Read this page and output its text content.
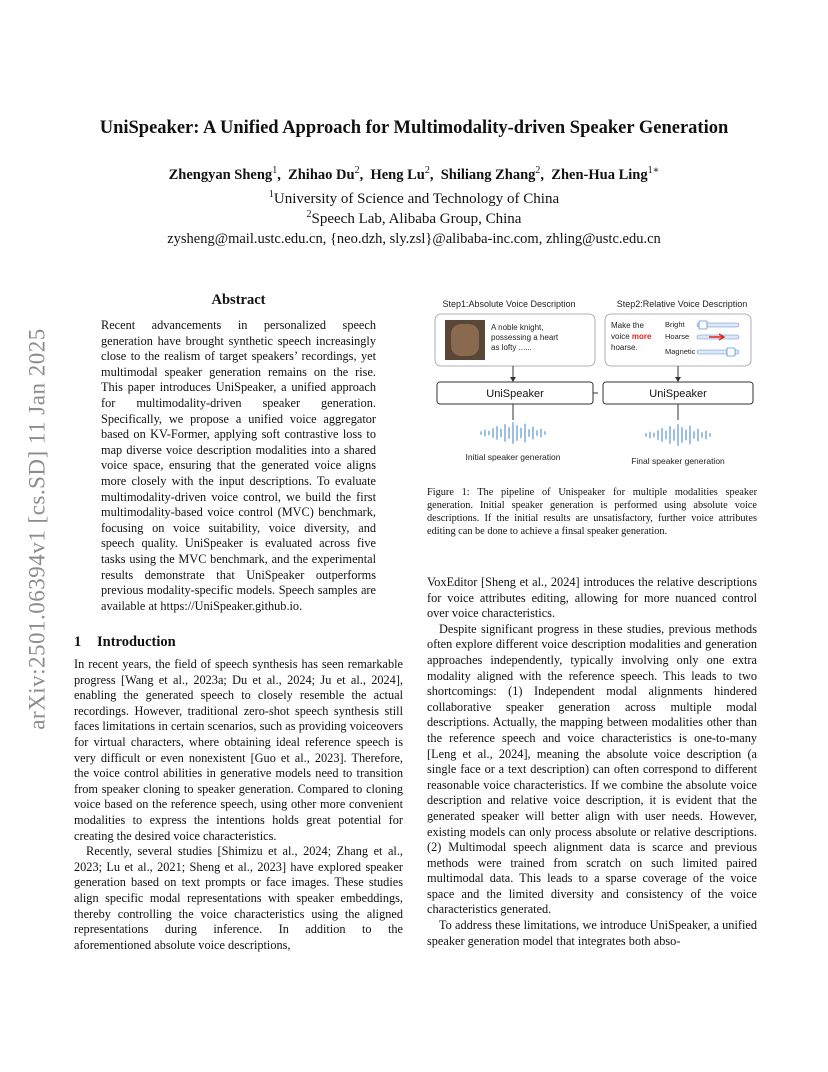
arXiv:2501.06394v1 [cs.SD] 11 Jan 2025
UniSpeaker: A Unified Approach for Multimodality-driven Speaker Generation
Zhengyan Sheng$^1$,  Zhihao Du$^2$,  Heng Lu$^2$,  Shiliang Zhang$^2$,  Zhen-Hua Ling$^{1∗}$
$^1$University of Science and Technology of China
$^2$Speech Lab, Alibaba Group, China
zysheng@mail.ustc.edu.cn, {neo.dzh, sly.zsl}@alibaba-inc.com, zhling@ustc.edu.cn
Abstract
Recent advancements in personalized speech generation have brought synthetic speech increasingly close to the realism of target speakers’ recordings, yet multimodal speaker generation remains on the rise. This paper introduces UniSpeaker, a unified approach for multimodality-driven speaker generation. Specifically, we propose a unified voice aggregator based on KV-Former, applying soft contrastive loss to map diverse voice description modalities into a shared voice space, ensuring that the generated voice aligns more closely with the input descriptions. To evaluate multimodality-driven voice control, we build the first multimodality-based voice control (MVC) benchmark, focusing on voice suitability, voice diversity, and speech quality. UniSpeaker is evaluated across five tasks using the MVC benchmark, and the experimental results demonstrate that UniSpeaker outperforms previous modality-specific models. Speech samples are available at https://UniSpeaker.github.io.
1 Introduction

In recent years, the field of speech synthesis has seen remarkable progress [Wang et al., 2023a; Du et al., 2024; Ju et al., 2024], enabling the generated speech to closely resemble the actual recordings. However, traditional zero-shot speech synthesis still faces limitations in certain scenarios, such as providing voiceovers for virtual characters, where obtaining ideal reference speech is very difficult or even nonexistent [Guo et al., 2023]. Therefore, the voice control abilities in generative models need to transition from speaker cloning to speaker generation. Compared to cloning voice based on the reference speech, using other more convenient modalities to express the intentions holds great potential for creating the desired voice characteristics.

Recently, several studies [Shimizu et al., 2024; Zhang et al., 2023; Lu et al., 2021; Sheng et al., 2023] have explored speaker generation based on text prompts or face images. These studies align specific modal representations with speaker embeddings, thereby controlling the voice characteristics using the aligned representations during inference. In addition to the aforementioned absolute voice descriptions,

Step1:Absolute Voice Description	Step2:Relative Voice Description
A noble knight,
possessing a heart
as lofty ......
Make the
voice more
hoarse.
Bright
Hoarse
Magnetic
UniSpeaker	UniSpeaker
Initial speaker generation	Final speaker generation
Figure 1: The pipeline of Unispeaker for multiple modalities speaker generation. Initial speaker generation is performed using absolute voice descriptions. If the initial results are unsatisfactory, further voice attributes editing can be done to achieve a finsal speaker generation.

VoxEditor [Sheng et al., 2024] introduces the relative descriptions for voice attributes editing, allowing for more nuanced control over voice characteristics.

Despite significant progress in these studies, previous methods often explore different voice description modalities and generation approaches independently, typically involving only one extra modality aligned with the reference speech. This leads to two shortcomings: (1) Independent modal alignments hindered collaborative speaker generation across multiple modal descriptions. Actually, the mapping between modalities other than the reference speech and voice characteristics is one-to-many [Leng et al., 2024], meaning the absolute voice description (a single face or a text description) can often correspond to different reasonable voice characteristics. If we combine the absolute voice description and relative voice description, it is evident that the generated speaker will better align with user needs. However, existing models can only process absolute or relative descriptions. (2) Multimodal speech alignment data is scarce and previous methods were trained from scratch on such limited paired multimodal data. This leads to a sparse coverage of the voice space and the limited diversity and consistency of the voice characteristics generated.

To address these limitations, we introduce UniSpeaker, a unified speaker generation model that integrates both abso-
